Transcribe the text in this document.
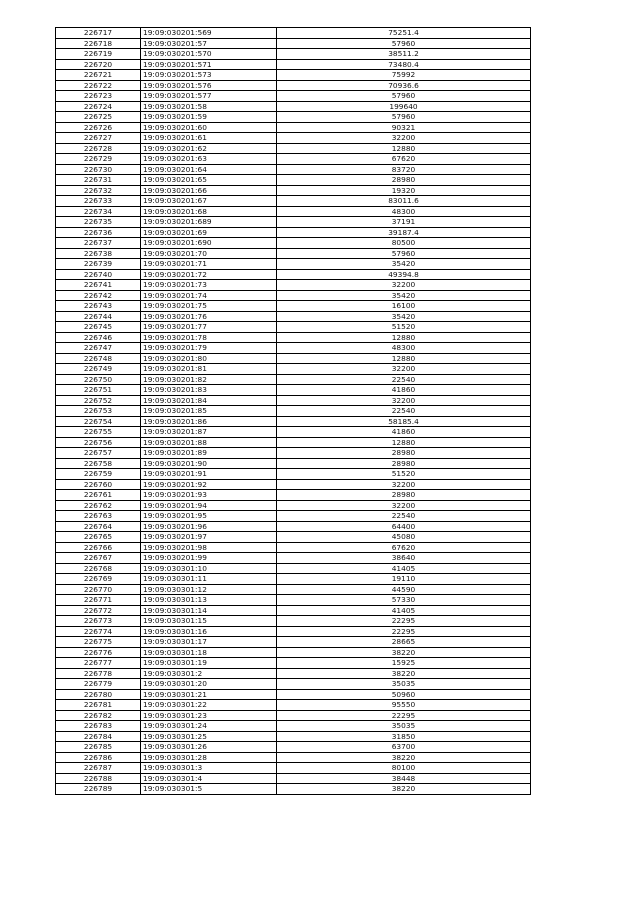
226717	19:09:030201:569	75251.4
226718	19:09:030201:57	57960
226719	19:09:030201:570	38511.2
226720	19:09:030201:571	73480.4
226721	19:09:030201:573	75992
226722	19:09:030201:576	70936.6
226723	19:09:030201:577	57960
226724	19:09:030201:58	199640
226725	19:09:030201:59	57960
226726	19:09:030201:60	90321
226727	19:09:030201:61	32200
226728	19:09:030201:62	12880
226729	19:09:030201:63	67620
226730	19:09:030201:64	83720
226731	19:09:030201:65	28980
226732	19:09:030201:66	19320
226733	19:09:030201:67	83011.6
226734	19:09:030201:68	48300
226735	19:09:030201:689	37191
226736	19:09:030201:69	39187.4
226737	19:09:030201:690	80500
226738	19:09:030201:70	57960
226739	19:09:030201:71	35420
226740	19:09:030201:72	49394.8
226741	19:09:030201:73	32200
226742	19:09:030201:74	35420
226743	19:09:030201:75	16100
226744	19:09:030201:76	35420
226745	19:09:030201:77	51520
226746	19:09:030201:78	12880
226747	19:09:030201:79	48300
226748	19:09:030201:80	12880
226749	19:09:030201:81	32200
226750	19:09:030201:82	22540
226751	19:09:030201:83	41860
226752	19:09:030201:84	32200
226753	19:09:030201:85	22540
226754	19:09:030201:86	58185.4
226755	19:09:030201:87	41860
226756	19:09:030201:88	12880
226757	19:09:030201:89	28980
226758	19:09:030201:90	28980
226759	19:09:030201:91	51520
226760	19:09:030201:92	32200
226761	19:09:030201:93	28980
226762	19:09:030201:94	32200
226763	19:09:030201:95	22540
226764	19:09:030201:96	64400
226765	19:09:030201:97	45080
226766	19:09:030201:98	67620
226767	19:09:030201:99	38640
226768	19:09:030301:10	41405
226769	19:09:030301:11	19110
226770	19:09:030301:12	44590
226771	19:09:030301:13	57330
226772	19:09:030301:14	41405
226773	19:09:030301:15	22295
226774	19:09:030301:16	22295
226775	19:09:030301:17	28665
226776	19:09:030301:18	38220
226777	19:09:030301:19	15925
226778	19:09:030301:2	38220
226779	19:09:030301:20	35035
226780	19:09:030301:21	50960
226781	19:09:030301:22	95550
226782	19:09:030301:23	22295
226783	19:09:030301:24	35035
226784	19:09:030301:25	31850
226785	19:09:030301:26	63700
226786	19:09:030301:28	38220
226787	19:09:030301:3	80100
226788	19:09:030301:4	38448
226789	19:09:030301:5	38220
